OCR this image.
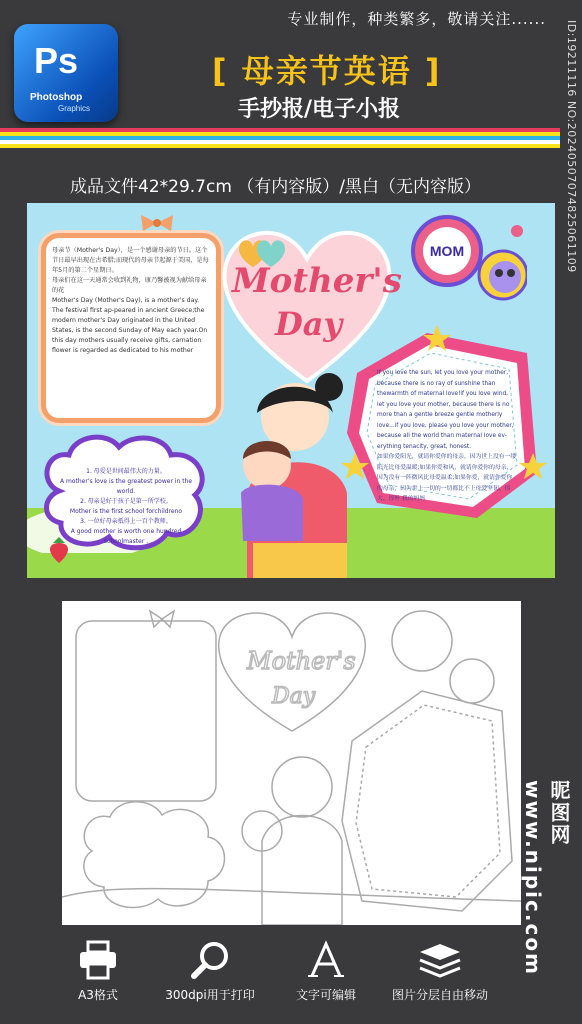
专业制作，种类繁多，敬请关注......
Ps
Photoshop
Graphics
[ 母亲节英语 ]
手抄报/电子小报
成品文件42*29.7cm （有内容版）/黑白（无内容版）	ID:19211116 NO:20240507074825061109
昵图网 www.nipic.com
母亲节（Mother's Day），是一个感谢母亲的节日。这个节日最早出现在古希腊;而现代的母亲节起源于美国，是每年5月的第二个星期日。
母亲们在这一天通常会收到礼物，康乃馨被视为献给母亲的花
Mother's Day (Mother's Day), is a mother's day. The festival first ap-peared in ancient Greece;the modern mother's Day originated in the United States, is the second Sunday of May each year.On this day mothers usually receive gifts, carnation flower is regarded as dedicated to his mother
Mother's
Day
MOM
If you love the sun, let you love your mother, because there is no ray of sunshine than thewarmth of maternal love!if you love wind, let you love your mother, because there is no more than a gentle breeze gentle motherly love...if you love, please you love your mother, because all the world than maternal love ev-erything tenacity, great, honest.
如果你爱阳光，就请你爱你的母亲，因为世上没有一缕阳光比母爱温暖;如果你爱和风，就请你爱你的母亲，因为没有一阵微风比母爱温柔;如果你爱，就请你爱你的母亲，因为世上一切的一切都比不上母爱坚韧、伟大、淳朴 我的妈妈
1. 母爱是世间最伟大的力量。
A mother's love is the greatest power in the world.
2. 母亲是好于孩子是第一所学校。
Mother is the first school forchildreno
3. 一位好母亲抵得上一百个教师。
A good mother is worth one hundred schoolmaster .
Mother's
Day
A3格式	300dpi用于打印	文字可编辑	图片分层自由移动
